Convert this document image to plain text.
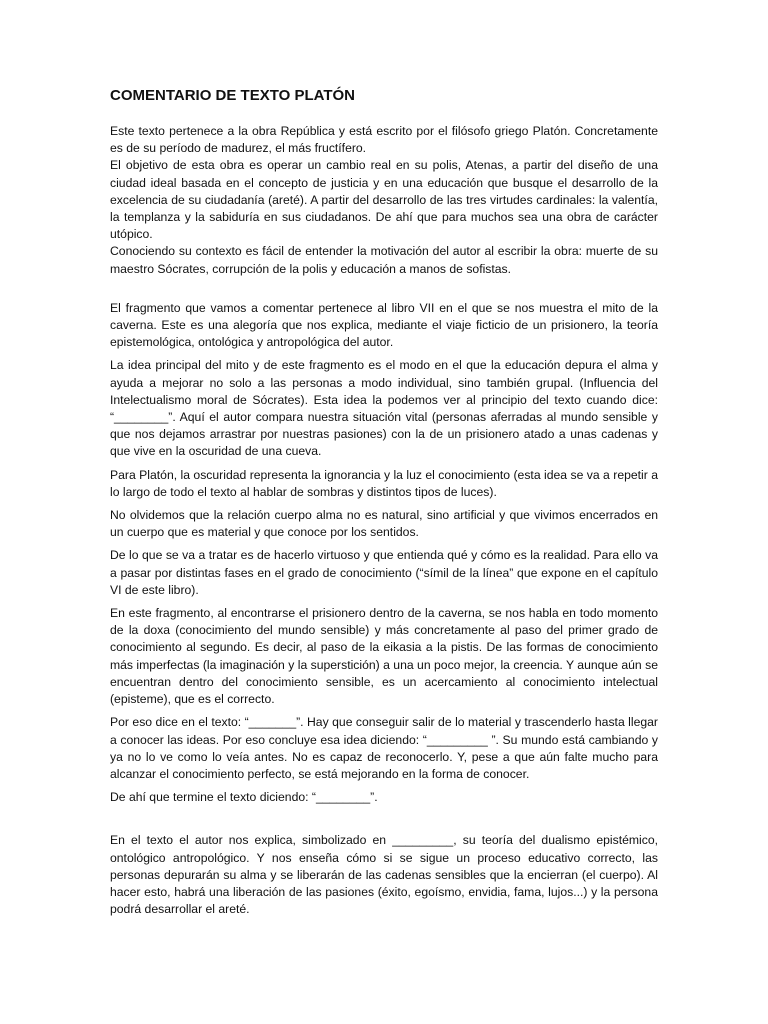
COMENTARIO DE TEXTO PLATÓN

Este texto pertenece a la obra República y está escrito por el filósofo griego Platón. Concretamente es de su período de madurez, el más fructífero.

El objetivo de esta obra es operar un cambio real en su polis, Atenas, a partir del diseño de una ciudad ideal basada en el concepto de justicia y en una educación que busque el desarrollo de la excelencia de su ciudadanía (areté). A partir del desarrollo de las tres virtudes cardinales: la valentía, la templanza y la sabiduría en sus ciudadanos. De ahí que para muchos sea una obra de carácter utópico.

Conociendo su contexto es fácil de entender la motivación del autor al escribir la obra: muerte de su maestro Sócrates, corrupción de la polis y educación a manos de sofistas.

El fragmento que vamos a comentar pertenece al libro VII en el que se nos muestra el mito de la caverna. Este es una alegoría que nos explica, mediante el viaje ficticio de un prisionero, la teoría epistemológica, ontológica y antropológica del autor.

La idea principal del mito y de este fragmento es el modo en el que la educación depura el alma y ayuda a mejorar no solo a las personas a modo individual, sino también grupal. (Influencia del Intelectualismo moral de Sócrates). Esta idea la podemos ver al principio del texto cuando dice: “________”. Aquí el autor compara nuestra situación vital (personas aferradas al mundo sensible y que nos dejamos arrastrar por nuestras pasiones) con la de un prisionero atado a unas cadenas y que vive en la oscuridad de una cueva.

Para Platón, la oscuridad representa la ignorancia y la luz el conocimiento (esta idea se va a repetir a lo largo de todo el texto al hablar de sombras y distintos tipos de luces).

No olvidemos que la relación cuerpo alma no es natural, sino artificial y que vivimos encerrados en un cuerpo que es material y que conoce por los sentidos.

De lo que se va a tratar es de hacerlo virtuoso y que entienda qué y cómo es la realidad. Para ello va a pasar por distintas fases en el grado de conocimiento (“símil de la línea” que expone en el capítulo VI de este libro).

En este fragmento, al encontrarse el prisionero dentro de la caverna, se nos habla en todo momento de la doxa (conocimiento del mundo sensible) y más concretamente al paso del primer grado de conocimiento al segundo. Es decir, al paso de la eikasia a la pistis. De las formas de conocimiento más imperfectas (la imaginación y la superstición) a una un poco mejor, la creencia. Y aunque aún se encuentran dentro del conocimiento sensible, es un acercamiento al conocimiento intelectual (episteme), que es el correcto.

Por eso dice en el texto: “_______”. Hay que conseguir salir de lo material y trascenderlo hasta llegar a conocer las ideas. Por eso concluye esa idea diciendo: “_________ ”. Su mundo está cambiando y ya no lo ve como lo veía antes. No es capaz de reconocerlo. Y, pese a que aún falte mucho para alcanzar el conocimiento perfecto, se está mejorando en la forma de conocer.

De ahí que termine el texto diciendo: “________”.

En el texto el autor nos explica, simbolizado en _________, su teoría del dualismo epistémico, ontológico antropológico. Y nos enseña cómo si se sigue un proceso educativo correcto, las personas depurarán su alma y se liberarán de las cadenas sensibles que la encierran (el cuerpo). Al hacer esto, habrá una liberación de las pasiones (éxito, egoísmo, envidia, fama, lujos...) y la persona podrá desarrollar el areté.
